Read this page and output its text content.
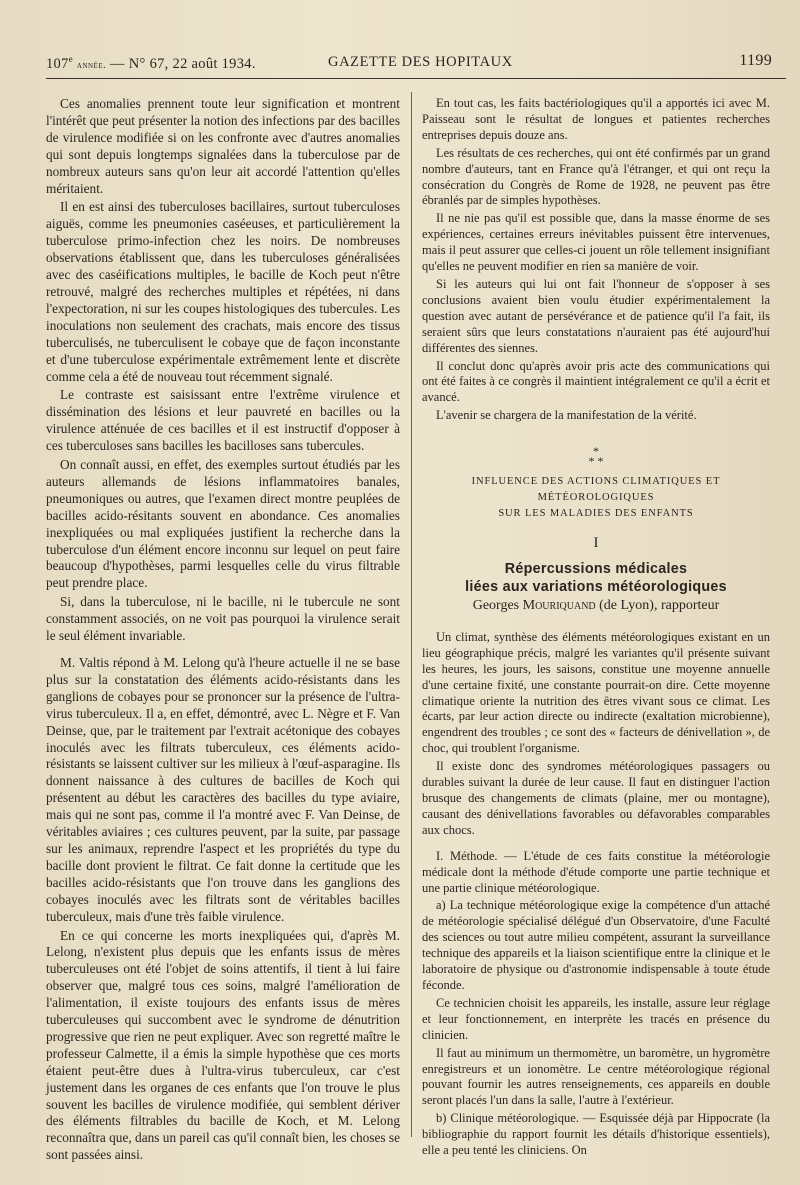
107e année. — N° 67, 22 août 1934.	GAZETTE DES HOPITAUX	1199

Ces anomalies prennent toute leur signification et montrent l'intérêt que peut présenter la notion des infections par des bacilles de virulence modifiée si on les confronte avec d'autres anomalies qui sont depuis longtemps signalées dans la tuberculose par de nombreux auteurs sans qu'on leur ait accordé l'attention qu'elles méritaient.

Il en est ainsi des tuberculoses bacillaires, surtout tuberculoses aiguës, comme les pneumonies caséeuses, et particulièrement la tuberculose primo-infection chez les noirs. De nombreuses observations établissent que, dans les tuberculoses généralisées avec des caséifications multiples, le bacille de Koch peut n'être retrouvé, malgré des recherches multiples et répétées, ni dans l'expectoration, ni sur les coupes histologiques des tubercules. Les inoculations non seulement des crachats, mais encore des tissus tuberculisés, ne tuberculisent le cobaye que de façon inconstante et d'une tuberculose expérimentale extrêmement lente et discrète comme cela a été de nouveau tout récemment signalé.

Le contraste est saisissant entre l'extrême virulence et dissémination des lésions et leur pauvreté en bacilles ou la virulence atténuée de ces bacilles et il est instructif d'opposer à ces tuberculoses sans bacilles les bacilloses sans tubercules.

On connaît aussi, en effet, des exemples surtout étudiés par les auteurs allemands de lésions inflammatoires banales, pneumoniques ou autres, que l'examen direct montre peuplées de bacilles acido-résitants souvent en abondance. Ces anomalies inexpliquées ou mal expliquées justifient la recherche dans la tuberculose d'un élément encore inconnu sur lequel on peut faire beaucoup d'hypothèses, parmi lesquelles celle du virus filtrable peut prendre place.

Si, dans la tuberculose, ni le bacille, ni le tubercule ne sont constamment associés, on ne voit pas pourquoi la virulence serait le seul élément invariable.

M. Valtis répond à M. Lelong qu'à l'heure actuelle il ne se base plus sur la constatation des éléments acido-résistants dans les ganglions de cobayes pour se prononcer sur la présence de l'ultra-virus tuberculeux. Il a, en effet, démontré, avec L. Nègre et F. Van Deinse, que, par le traitement par l'extrait acétonique des cobayes inoculés avec les filtrats tuberculeux, ces éléments acido-résistants se laissent cultiver sur les milieux à l'œuf-asparagine. Ils donnent naissance à des cultures de bacilles de Koch qui présentent au début les caractères des bacilles du type aviaire, mais qui ne sont pas, comme il l'a montré avec F. Van Deinse, de véritables aviaires ; ces cultures peuvent, par la suite, par passage sur les animaux, reprendre l'aspect et les propriétés du type du bacille dont provient le filtrat. Ce fait donne la certitude que les bacilles acido-résistants que l'on trouve dans les ganglions des cobayes inoculés avec les filtrats sont de véritables bacilles tuberculeux, mais d'une très faible virulence.

En ce qui concerne les morts inexpliquées qui, d'après M. Lelong, n'existent plus depuis que les enfants issus de mères tuberculeuses ont été l'objet de soins attentifs, il tient à lui faire observer que, malgré tous ces soins, malgré l'amélioration de l'alimentation, il existe toujours des enfants issus de mères tuberculeuses qui succombent avec le syndrome de dénutrition progressive que rien ne peut expliquer. Avec son regretté maître le professeur Calmette, il a émis la simple hypothèse que ces morts étaient peut-être dues à l'ultra-virus tuberculeux, car c'est justement dans les organes de ces enfants que l'on trouve le plus souvent les bacilles de virulence modifiée, qui semblent dériver des éléments filtrables du bacille de Koch, et M. Lelong reconnaîtra que, dans un pareil cas qu'il connaît bien, les choses se sont passées ainsi.

En tout cas, les faits bactériologiques qu'il a apportés ici avec M. Paisseau sont le résultat de longues et patientes recherches entreprises depuis douze ans.

Les résultats de ces recherches, qui ont été confirmés par un grand nombre d'auteurs, tant en France qu'à l'étranger, et qui ont reçu la consécration du Congrès de Rome de 1928, ne peuvent pas être ébranlés par de simples hypothèses.

Il ne nie pas qu'il est possible que, dans la masse énorme de ses expériences, certaines erreurs inévitables puissent être intervenues, mais il peut assurer que celles-ci jouent un rôle tellement insignifiant qu'elles ne peuvent modifier en rien sa manière de voir.

Si les auteurs qui lui ont fait l'honneur de s'opposer à ses conclusions avaient bien voulu étudier expérimentalement la question avec autant de persévérance et de patience qu'il l'a fait, ils seraient sûrs que leurs constatations n'auraient pas été aujourd'hui différentes des siennes.

Il conclut donc qu'après avoir pris acte des communications qui ont été faites à ce congrès il maintient intégralement ce qu'il a écrit et avancé.

L'avenir se chargera de la manifestation de la vérité.

*
* *
INFLUENCE DES ACTIONS CLIMATIQUES ET MÉTÉOROLOGIQUES
SUR LES MALADIES DES ENFANTS
I
Répercussions médicales
liées aux variations météorologiques
Georges Mouriquand (de Lyon), rapporteur

Un climat, synthèse des éléments météorologiques existant en un lieu géographique précis, malgré les variantes qu'il présente suivant les heures, les jours, les saisons, constitue une moyenne annuelle d'une certaine fixité, une constante pourrait-on dire. Cette moyenne climatique oriente la nutrition des êtres vivant sous ce climat. Les écarts, par leur action directe ou indirecte (exaltation microbienne), engendrent des troubles ; ce sont des « facteurs de dénivellation », de choc, qui troublent l'organisme.

Il existe donc des syndromes météorologiques passagers ou durables suivant la durée de leur cause. Il faut en distinguer l'action brusque des changements de climats (plaine, mer ou montagne), causant des dénivellations favorables ou défavorables comparables aux chocs.

I. Méthode. — L'étude de ces faits constitue la météorologie médicale dont la méthode d'étude comporte une partie technique et une partie clinique météorologique.

a) La technique météorologique exige la compétence d'un attaché de météorologie spécialisé délégué d'un Observatoire, d'une Faculté des sciences ou tout autre milieu compétent, assurant la surveillance technique des appareils et la liaison scientifique entre la clinique et le laboratoire de physique ou d'astronomie indispensable à toute étude féconde.

Ce technicien choisit les appareils, les installe, assure leur réglage et leur fonctionnement, en interprète les tracés en présence du clinicien.

Il faut au minimum un thermomètre, un baromètre, un hygromètre enregistreurs et un ionomètre. Le centre météorologique régional pouvant fournir les autres renseignements, ces appareils en double seront placés l'un dans la salle, l'autre à l'extérieur.

b) Clinique météorologique. — Esquissée déjà par Hippocrate (la bibliographie du rapport fournit les détails d'historique essentiels), elle a peu tenté les cliniciens. On
